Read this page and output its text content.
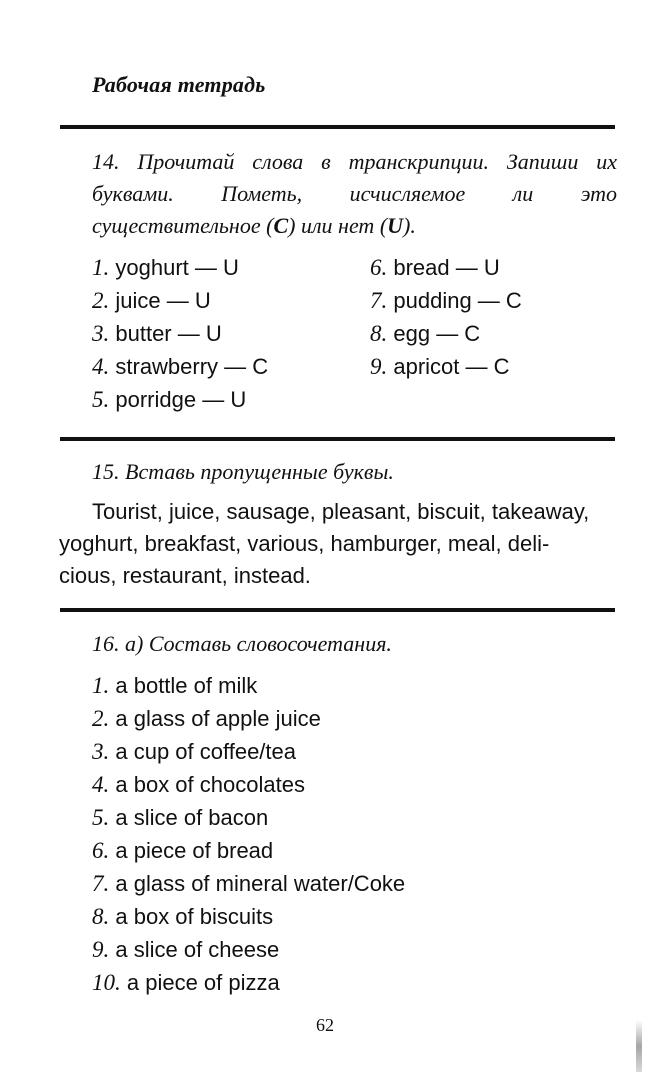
Рабочая тетрадь
14. Прочитай слова в транскрипции. Запиши их буквами. Пометь, исчисляемое ли это существительное (С) или нет (U).
1. yoghurt — U
2. juice — U
3. butter — U
4. strawberry — C
5. porridge — U
6. bread — U
7. pudding — C
8. egg — C
9. apricot — C
15. Вставь пропущенные буквы.
Tourist, juice, sausage, pleasant, biscuit, takeaway,
yoghurt, breakfast, various, hamburger, meal, deli-
cious, restaurant, instead.
16. а) Составь словосочетания.
1. a bottle of milk
2. a glass of apple juice
3. a cup of coffee/tea
4. a box of chocolates
5. a slice of bacon
6. a piece of bread
7. a glass of mineral water/Coke
8. a box of biscuits
9. a slice of cheese
10. a piece of pizza
62
